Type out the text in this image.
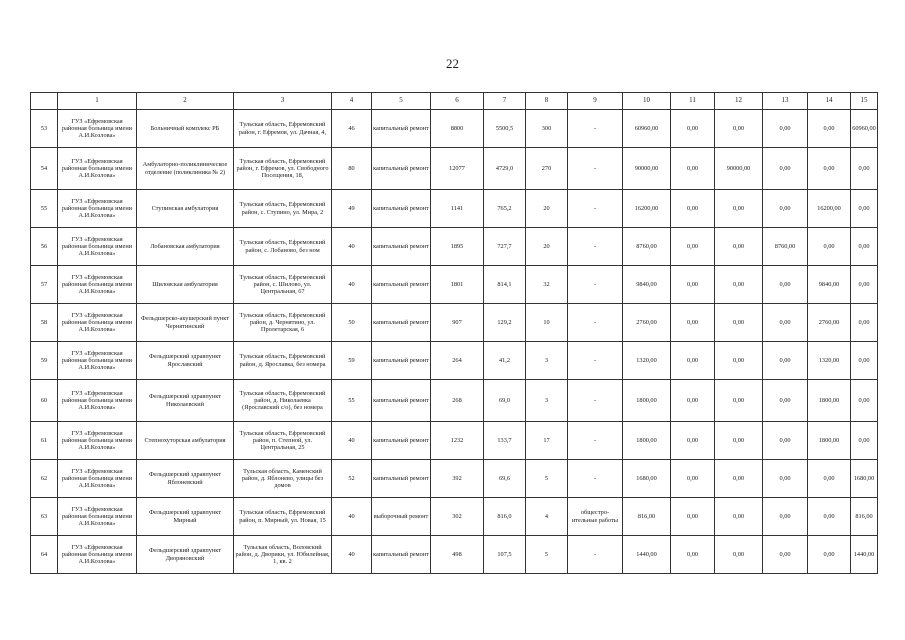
22
	1	2	3	4	5	6	7	8	9	10	11	12	13	14	15
53	ГУЗ «Ефремовская районная больница имени А.И.Козлова»	Больничный комплекс РБ	Тульская область, Ефремовский район, г. Ефремов, ул. Дачная, 4,	46	капитальный ремонт	8800	5500,5	300	-	60960,00	0,00	0,00	0,00	0,00	60960,00
54	ГУЗ «Ефремовская районная больница имени А.И.Козлова»	Амбулаторно-поликлиническое отделение (поликлиника № 2)	Тульская область, Ефремовский район, г. Ефремов, ул. Свободного Посещения, 18,	80	капитальный ремонт	12077	4729,0	270	-	90000,00	0,00	90000,00	0,00	0,00	0,00
55	ГУЗ «Ефремовская районная больница имени А.И.Козлова»	Ступинская амбулатория	Тульская область, Ефремовский район, с. Ступино, ул. Мира, 2	49	капитальный ремонт	1141	765,2	20	-	16200,00	0,00	0,00	0,00	16200,00	0,00
56	ГУЗ «Ефремовская районная больница имени А.И.Козлова»	Лобановская амбулатория	Тульская область, Ефремовский район, с. Лобаново, без ном	40	капитальный ремонт	1895	727,7	20	-	8760,00	0,00	0,00	8760,00	0,00	0,00
57	ГУЗ «Ефремовская районная больница имени А.И.Козлова»	Шиловская амбулатория	Тульская область, Ефремовский район, с. Шилово, ул. Центральная, 67	40	капитальный ремонт	1801	814,1	32	-	9840,00	0,00	0,00	0,00	9840,00	0,00
58	ГУЗ «Ефремовская районная больница имени А.И.Козлова»	Фельдшерско-акушерский пункт Чернятинский	Тульская область, Ефремовский район, д. Чернятино, ул. Пролетарская, 6	50	капитальный ремонт	907	129,2	10	-	2760,00	0,00	0,00	0,00	2760,00	0,00
59	ГУЗ «Ефремовская районная больница имени А.И.Козлова»	Фельдшерский здравпункт Ярославский	Тульская область, Ефремовский район, д. Ярославка, без номера	59	капитальный ремонт	264	41,2	3	-	1320,00	0,00	0,00	0,00	1320,00	0,00
60	ГУЗ «Ефремовская районная больница имени А.И.Козлова»	Фельдшерский здравпункт Николаевский	Тульская область, Ефремовский район, д. Николаевка (Ярославский с/о), без номера	55	капитальный ремонт	268	69,0	3	-	1800,00	0,00	0,00	0,00	1800,00	0,00
61	ГУЗ «Ефремовская районная больница имени А.И.Козлова»	Степнохуторская амбулатория	Тульская область, Ефремовский район, п. Степной, ул. Центральная, 25	40	капитальный ремонт	1232	133,7	17	-	1800,00	0,00	0,00	0,00	1800,00	0,00
62	ГУЗ «Ефремовская районная больница имени А.И.Козлова»	Фельдшерский здравпункт Яблоневский	Тульская область, Каменский район, д. Яблонево, улицы без домов	52	капитальный ремонт	392	69,6	5	-	1680,00	0,00	0,00	0,00	0,00	1680,00
63	ГУЗ «Ефремовская районная больница имени А.И.Козлова»	Фельдшерский здравпункт Мирный	Тульская область, Ефремовский район, п. Мирный, ул. Новая, 15	40	выборочный ремонт	302	816,0	4	общестро-ительные работы	816,00	0,00	0,00	0,00	0,00	816,00
64	ГУЗ «Ефремовская районная больница имени А.И.Козлова»	Фельдшерский здравпункт Дворяновский	Тульская область, Воловский район, д. Дворики, ул. Юбилейная, 1, кв. 2	40	капитальный ремонт	498	107,5	5	-	1440,00	0,00	0,00	0,00	0,00	1440,00
